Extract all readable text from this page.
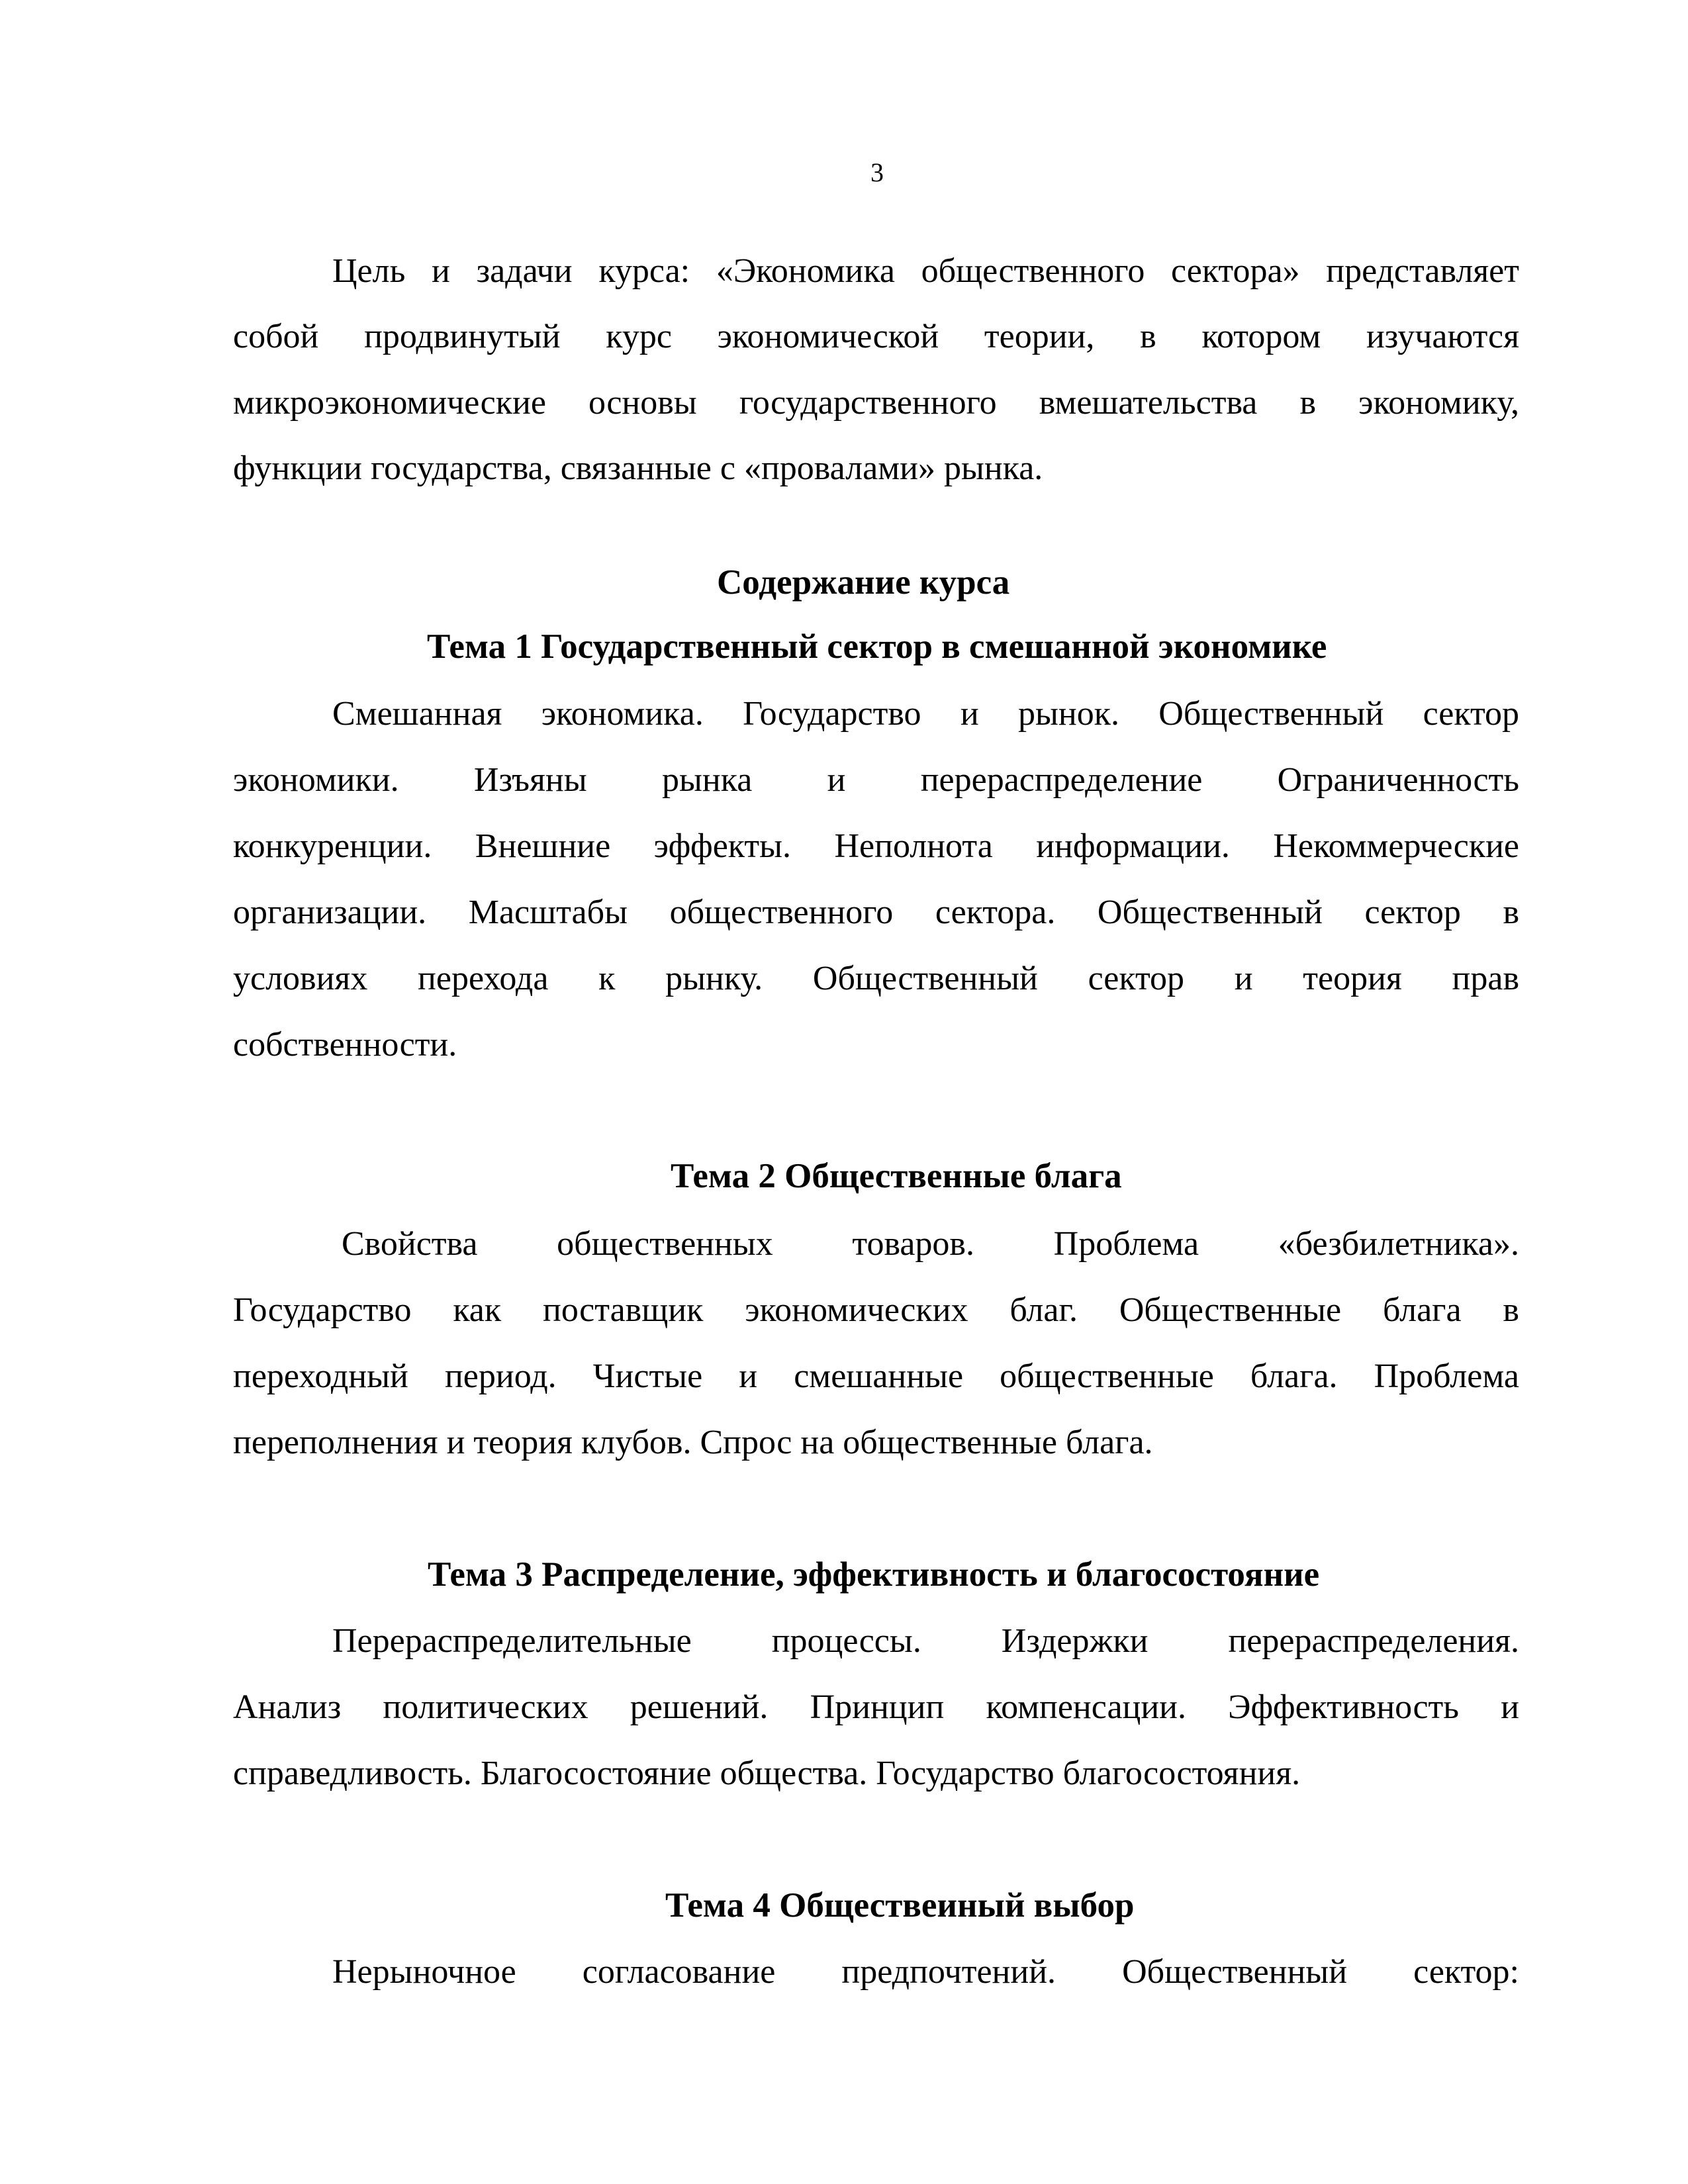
3
Цель и задачи курса: «Экономика общественного сектора» представляет
собой продвинутый курс экономической теории, в котором изучаются
микроэкономические основы государственного вмешательства в экономику,
функции государства, связанные с «провалами» рынка.
Содержание курса
Тема 1 Государственный сектор в смешанной экономике
Смешанная экономика. Государство и рынок. Общественный сектор
экономики. Изъяны рынка и перераспределение Ограниченность
конкуренции. Внешние эффекты. Неполнота информации. Некоммерческие
организации. Масштабы общественного сектора. Общественный сектор в
условиях перехода к рынку. Общественный сектор и теория прав
собственности.
Тема 2 Общественные блага
Свойства общественных товаров. Проблема «безбилетника».
Государство как поставщик экономических благ. Общественные блага в
переходный период. Чистые и смешанные общественные блага. Проблема
переполнения и теория клубов. Спрос на общественные блага.
Тема 3 Распределение, эффективность и благосостояние
Перераспределительные процессы. Издержки перераспределения.
Анализ политических решений. Принцип компенсации. Эффективность и
справедливость. Благосостояние общества. Государство благосостояния.
Тема 4 Обществеиный выбор
Нерыночное согласование предпочтений. Общественный сектор:
